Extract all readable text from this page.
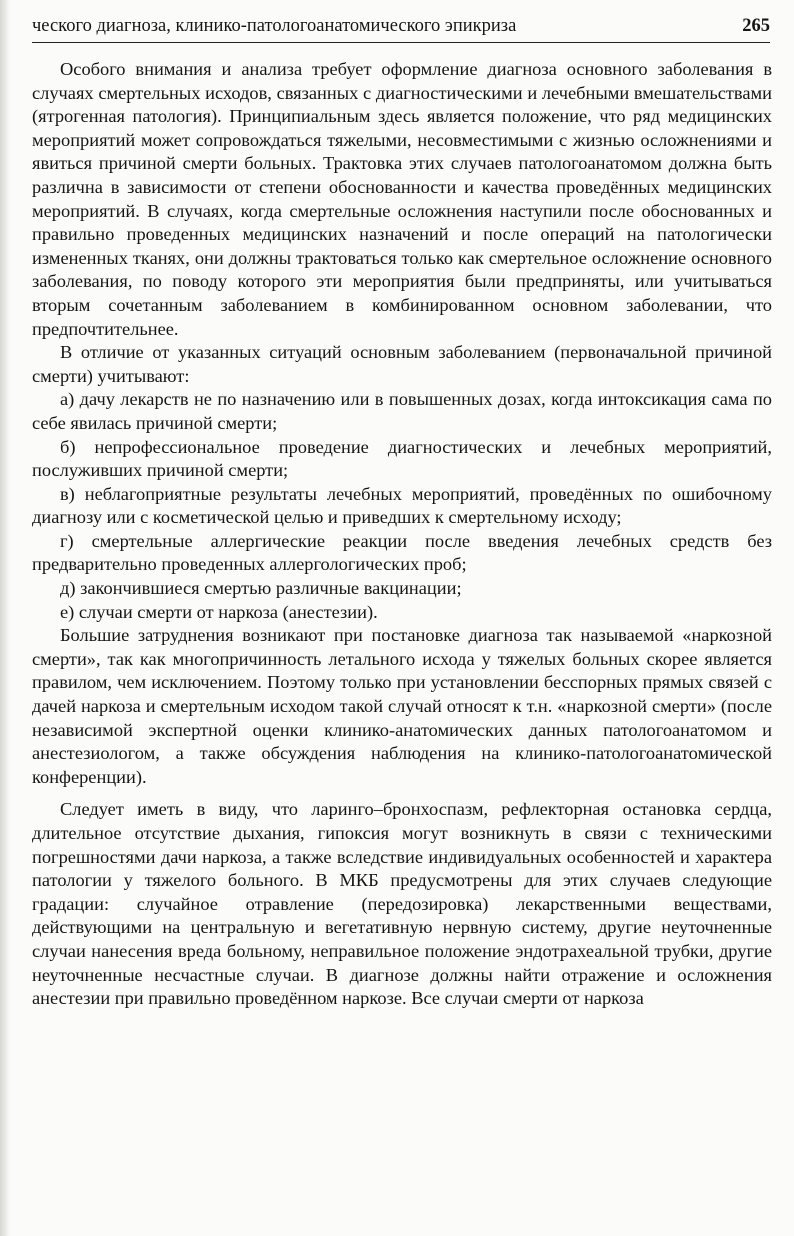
ческого диагноза, клинико-патологоанатомического эпикриза	265

Особого внимания и анализа требует оформление диагноза основного заболевания в случаях смертельных исходов, связанных с диагностическими и лечебными вмешательствами (ятрогенная патология). Принципиальным здесь является положение, что ряд медицинских мероприятий может сопровождаться тяжелыми, несовместимыми с жизнью осложнениями и явиться причиной смерти больных. Трактовка этих случаев патологоанатомом должна быть различна в зависимости от степени обоснованности и качества проведённых медицинских мероприятий. В случаях, когда смертельные осложнения наступили после обоснованных и правильно проведенных медицинских назначений и после операций на патологически измененных тканях, они должны трактоваться только как смертельное осложнение основного заболевания, по поводу которого эти мероприятия были предприняты, или учитываться вторым сочетанным заболеванием в комбинированном основном заболевании, что предпочтительнее.

В отличие от указанных ситуаций основным заболеванием (первоначальной причиной смерти) учитывают:

а) дачу лекарств не по назначению или в повышенных дозах, когда интоксикация сама по себе явилась причиной смерти;

б) непрофессиональное проведение диагностических и лечебных мероприятий, послуживших причиной смерти;

в) неблагоприятные результаты лечебных мероприятий, проведённых по ошибочному диагнозу или с косметической целью и приведших к смертельному исходу;

г) смертельные аллергические реакции после введения лечебных средств без предварительно проведенных аллергологических проб;

д) закончившиеся смертью различные вакцинации;

е) случаи смерти от наркоза (анестезии).

Большие затруднения возникают при постановке диагноза так называемой «наркозной смерти», так как многопричинность летального исхода у тяжелых больных скорее является правилом, чем исключением. Поэтому только при установлении бесспорных прямых связей с дачей наркоза и смертельным исходом такой случай относят к т.н. «наркозной смерти» (после независимой экспертной оценки клинико-анатомических данных патологоанатомом и анестезиологом, а также обсуждения наблюдения на клинико-патологоанатомической конференции).

Следует иметь в виду, что ларинго–бронхоспазм, рефлекторная остановка сердца, длительное отсутствие дыхания, гипоксия могут возникнуть в связи с техническими погрешностями дачи наркоза, а также вследствие индивидуальных особенностей и характера патологии у тяжелого больного. В МКБ предусмотрены для этих случаев следующие градации: случайное отравление (передозировка) лекарственными веществами, действующими на центральную и вегетативную нервную систему, другие неуточненные случаи нанесения вреда больному, неправильное положение эндотрахеальной трубки, другие неуточненные несчастные случаи. В диагнозе должны найти отражение и осложнения анестезии при правильно проведённом наркозе. Все случаи смерти от наркоза
